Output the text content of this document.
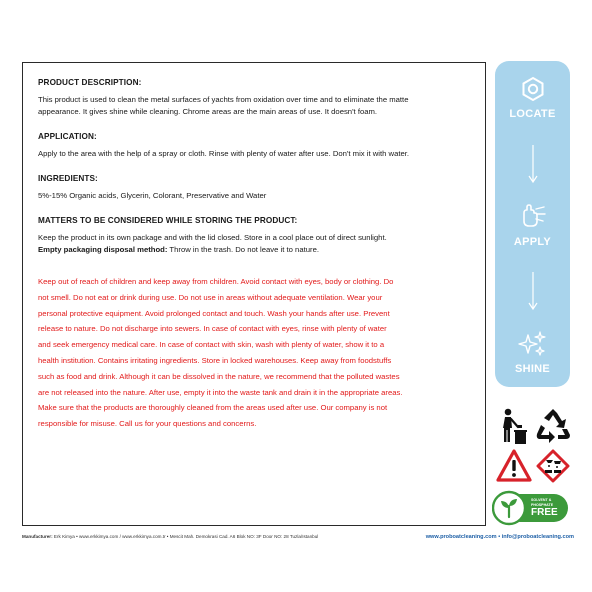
PRODUCT DESCRIPTION:
This product is used to clean the metal surfaces of yachts from oxidation over time and to eliminate the matte
appearance. It gives shine while cleaning. Chrome areas are the main areas of use. It doesn't foam.
APPLICATION:
Apply to the area with the help of a spray or cloth. Rinse with plenty of water after use. Don't mix it with water.
INGREDIENTS:
5%-15% Organic acids, Glycerin, Colorant, Preservative and Water
MATTERS TO BE CONSIDERED WHILE STORING THE PRODUCT:
Keep the product in its own package and with the lid closed. Store in a cool place out of direct sunlight.
Empty packaging disposal method: Throw in the trash. Do not leave it to nature.
Keep out of reach of children and keep away from children. Avoid contact with eyes, body or clothing. Do
not smell. Do not eat or drink during use. Do not use in areas without adequate ventilation. Wear your
personal protective equipment. Avoid prolonged contact and touch. Wash your hands after use. Prevent
release to nature. Do not discharge into sewers. In case of contact with eyes, rinse with plenty of water
and seek emergency medical care. In case of contact with skin, wash with plenty of water, show it to a
health institution. Contains irritating ingredients. Store in locked warehouses. Keep away from foodstuffs
such as food and drink. Although it can be dissolved in the nature, we recommend that the polluted wastes
are not released into the nature. After use, empty it into the waste tank and drain it in the appropriate areas.
Make sure that the products are thoroughly cleaned from the areas used after use. Our company is not
responsible for misuse. Call us for your questions and concerns.
Manufacturer: Erk Kimya • www.erkkimya.com / www.erkkimya.com.tr • Mescit Mah. Demokrasi Cad. A6 Blok NO: 3F Door NO: 28 Tuzla/Istanbul	www.proboatcleaning.com • info@proboatcleaning.com
LOCATE
APPLY
SHINE
SOLVENT &
PHOSPHATE
FREE
